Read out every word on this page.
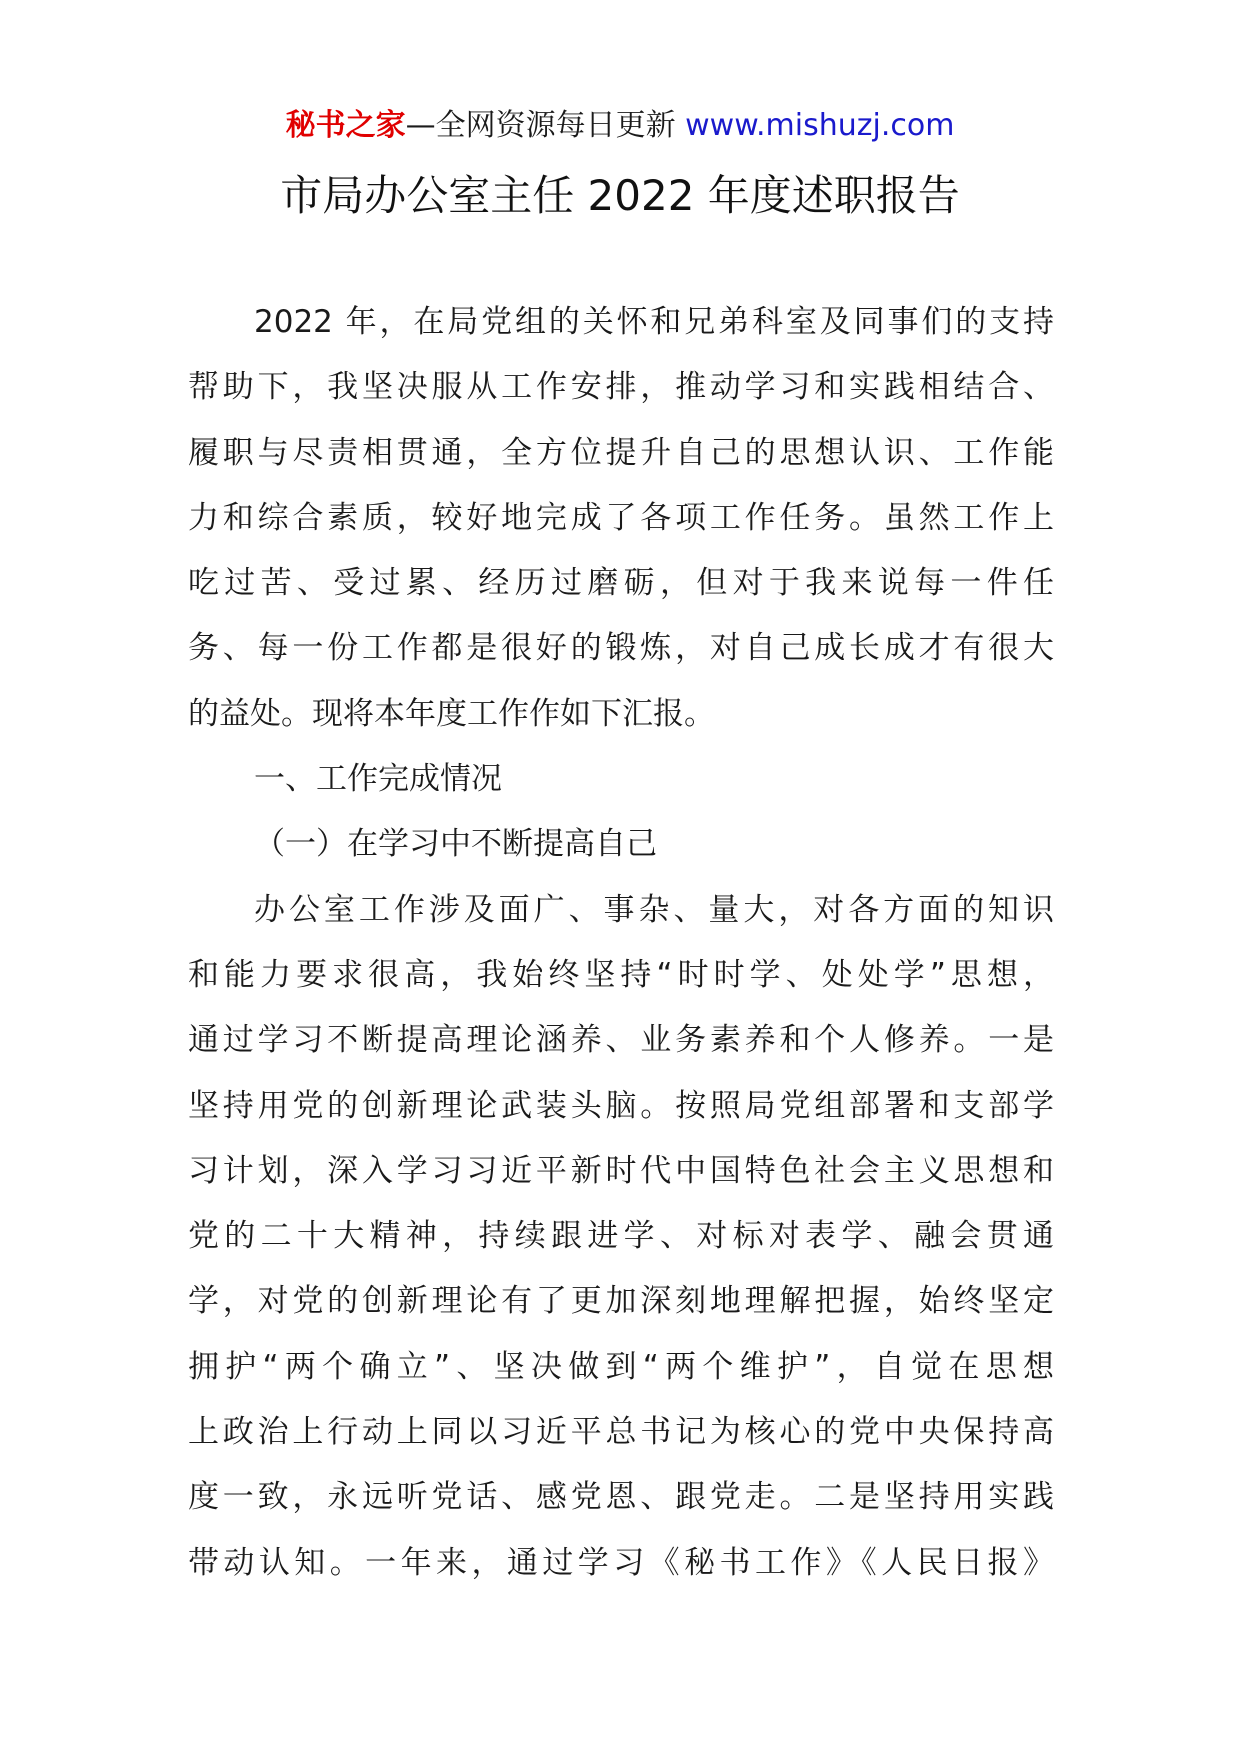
秘书之家—全网资源每日更新 www.mishuzj.com
市局办公室主任 2022 年度述职报告
2022 年，在局党组的关怀和兄弟科室及同事们的支持
帮助下，我坚决服从工作安排，推动学习和实践相结合、
履职与尽责相贯通，全方位提升自己的思想认识、工作能
力和综合素质，较好地完成了各项工作任务。虽然工作上
吃过苦、受过累、经历过磨砺，但对于我来说每一件任
务、每一份工作都是很好的锻炼，对自己成长成才有很大
的益处。现将本年度工作作如下汇报。
一、工作完成情况
（一）在学习中不断提高自己
办公室工作涉及面广、事杂、量大，对各方面的知识
和能力要求很高，我始终坚持“时时学、处处学”思想，
通过学习不断提高理论涵养、业务素养和个人修养。一是
坚持用党的创新理论武装头脑。按照局党组部署和支部学
习计划，深入学习习近平新时代中国特色社会主义思想和
党的二十大精神，持续跟进学、对标对表学、融会贯通
学，对党的创新理论有了更加深刻地理解把握，始终坚定
拥护“两个确立”、坚决做到“两个维护”，自觉在思想
上政治上行动上同以习近平总书记为核心的党中央保持高
度一致，永远听党话、感党恩、跟党走。二是坚持用实践
带动认知。一年来，通过学习《秘书工作》《人民日报》
